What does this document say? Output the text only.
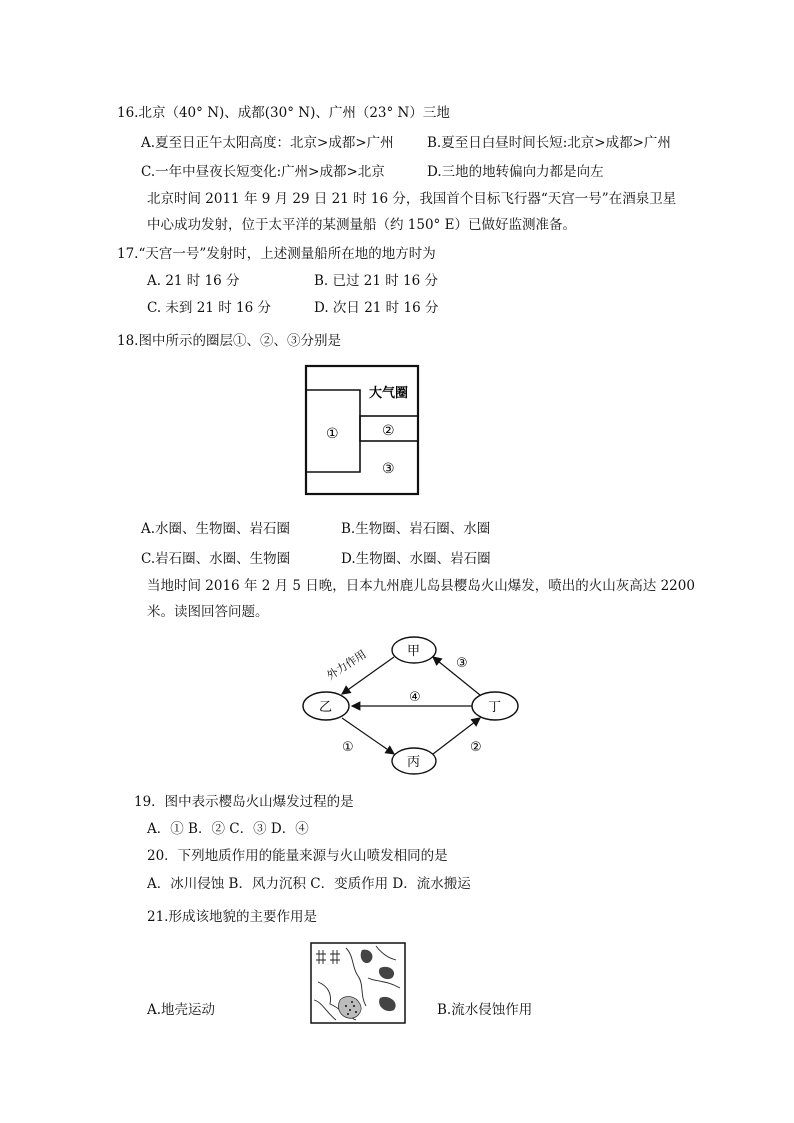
16.北京（40° N)、成都(30° N)、广州（23° N）三地
A.夏至日正午太阳高度：北京>成都>广州 B.夏至日白昼时间长短:北京>成都>广州
C.一年中昼夜长短变化:广州>成都>北京	D.三地的地转偏向力都是向左
北京时间 2011 年 9 月 29 日 21 时 16 分，我国首个目标飞行器“天宫一号”在酒泉卫星
中心成功发射，位于太平洋的某测量船（约 150° E）已做好监测准备。
17.“天宫一号”发射时，上述测量船所在地的地方时为
A. 21 时 16 分	B. 已过 21 时 16 分
C. 未到 21 时 16 分	D. 次日 21 时 16 分
18.图中所示的圈层①、②、③分别是
大气圈
①	②
③
A.水圈、生物圈、岩石圈	B.生物圈、岩石圈、水圈
C.岩石圈、水圈、生物圈	D.生物圈、水圈、岩石圈
当地时间 2016 年 2 月 5 日晚，日本九州鹿儿岛县樱岛火山爆发，喷出的火山灰高达 2200
米。读图回答问题。
甲
乙	丁
丙
外力作用
①	②
③
④
19．图中表示樱岛火山爆发过程的是
A．① B．② C．③ D．④
20．下列地质作用的能量来源与火山喷发相同的是
A．冰川侵蚀 B．风力沉积 C．变质作用 D．流水搬运
21.形成该地貌的主要作用是
A.地壳运动	B.流水侵蚀作用
